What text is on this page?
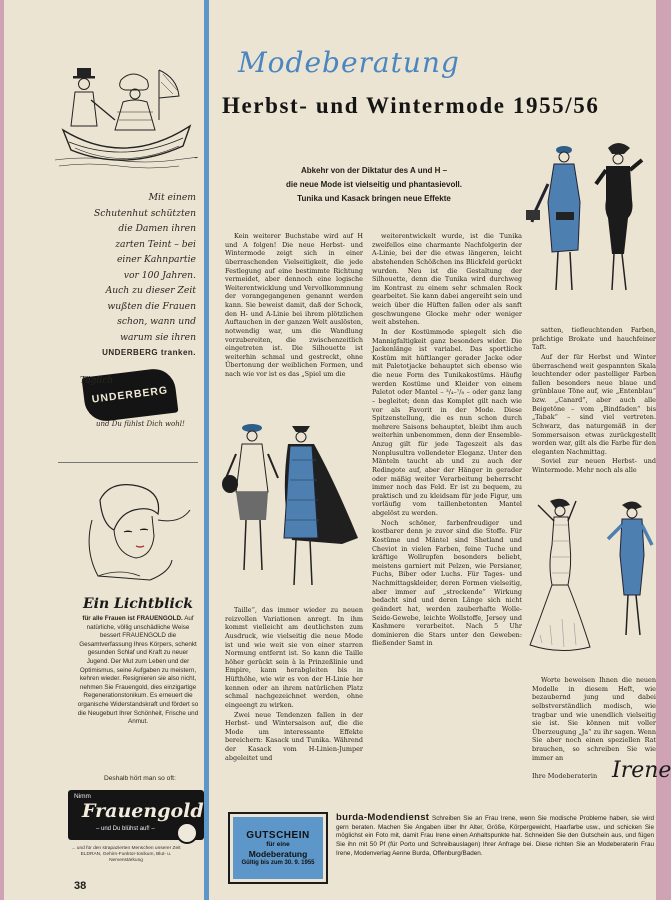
Mit einem
Schutenhut schützten
die Damen ihren
zarten Teint – bei
einer Kahnpartie
vor 100 Jahren.
Auch zu dieser Zeit
wußten die Frauen
schon, wann und
warum sie ihren
UNDERBERG tranken.
UNDERBERG
Täglich
und Du fühlst Dich wohl!
Ein Lichtblick
für alle Frauen ist FRAUENGOLD. Auf natürliche, völlig unschädliche Weise bessert FRAUENGOLD die Gesamtverfassung Ihres Körpers, schenkt gesunden Schlaf und Kraft zu neuer Jugend. Der Mut zum Leben und der Optimismus, seine Aufgaben zu meistern, kehren wieder. Resignieren sie also nicht, nehmen Sie Frauengold, dies einzigartige Regenerationstonikum. Es erneuert die organische Widerstandskraft und fördert so die Neugeburt Ihrer Schönheit, Frische und Anmut.
Deshalb hört man so oft:
Nimm
Frauengold
– und Du blühst auf! –
... und für den strapazierten Menschen unserer Zeit ELDRAN, Gehirn-Funktor-tonikum, Blut- u. Nervenstärkung
38
Modeberatung
Herbst- und Wintermode 1955/56
Abkehr von der Diktatur des A und H –
die neue Mode ist vielseitig und phantasievoll.
Tunika und Kasack bringen neue Effekte

Kein weiterer Buchstabe wird auf H und A folgen! Die neue Herbst- und Wintermode zeigt sich in einer überraschenden Vielseitigkeit, die jede Festlegung auf eine bestimmte Richtung vermeidet, aber dennoch eine logische Weiterentwicklung und Vervollkommnung der vorangegangenen genannt werden kann. Sie beweist damit, daß der Schock, den H- und A-Linie bei ihrem plötzlichen Auftauchen in der ganzen Welt auslösten, notwendig war, um die Wandlung vorzubereiten, die zwischenzeitlich eingetreten ist. Die Silhouette ist weiterhin schmal und gestreckt, ohne Übertonung der weiblichen Formen, und nach wie vor ist es das „Spiel um die

Taille“, das immer wieder zu neuen reizvollen Variationen anregt. In ihm kommt vielleicht am deutlichsten zum Ausdruck, wie vielseitig die neue Mode ist und wie weit sie von einer starren Normung entfernt ist. So kann die Taille höher gerückt sein à la Prinzeßlinie und Empire, kann herabgleiten bis in Hüfthöhe, wie wir es von der H-Linie her kennen oder an ihrem natürlichen Platz schmal nachgezeichnet werden, ohne eingeengt zu wirken.

Zwei neue Tendenzen fallen in der Herbst- und Wintersaison auf, die die Mode um interessante Effekte bereichern: Kasack und Tunika. Während der Kasack vom H-Linien-Jumper abgeleitet und

weiterentwickelt wurde, ist die Tunika zweifellos eine charmante Nachfolgerin der A-Linie, bei der die etwas längeren, leicht abstehenden Schößchen ins Blickfeld gerückt wurden. Neu ist die Gestaltung der Silhouette, denn die Tunika wird durchweg im Kontrast zu einem sehr schmalen Rock gearbeitet. Sie kann dabei angereiht sein und weich über die Hüften fallen oder als sanft geschwungene Glocke mehr oder weniger weit abstehen.

In der Kostümmode spiegelt sich die Mannigfaltigkeit ganz besonders wider. Die Jackenlänge ist variabel. Das sportliche Kostüm mit hüftlanger gerader Jacke oder mit Paletotjacke behauptet sich ebenso wie die neue Form des Tunikakostüms. Häufig werden Kostüme und Kleider von einem Paletot oder Mantel – ³/₄–⁷/₈ – oder ganz lang – begleitet; denn das Komplet gilt nach wie vor als Favorit in der Mode. Diese Spitzenstellung, die es nun schon durch mehrere Saisons behauptet, bleibt ihm auch weiterhin unbenommen, denn der Ensemble-Anzug gilt für jede Tageszeit als das Nonplusultra vollendeter Eleganz. Unter den Mänteln taucht ab und zu auch der Redingote auf, aber der Hänger in gerader oder mäßig weiter Verarbeitung beherrscht immer noch das Feld. Er ist zu bequem, zu praktisch und zu kleidsam für jede Figur, um vorläufig vom taillenbetonten Mantel abgelöst zu werden.

Noch schöner, farbenfreudiger und kostbarer denn je zuvor sind die Stoffe. Für Kostüme und Mäntel sind Shetland und Cheviot in vielen Farben, feine Tuche und kräftige Wollrupfen besonders beliebt, meistens garniert mit Pelzen, wie Persianer, Fuchs, Biber oder Luchs. Für Tages- und Nachmittagskleider, deren Formen vielseitig, aber immer auf „streckende“ Wirkung bedacht sind und deren Länge sich nicht geändert hat, werden zauberhafte Wolle-Seide-Gewebe, leichte Wollstoffe, Jersey und Kashmere verarbeitet. Nach 5 Uhr dominieren die Stars unter den Geweben: fließender Samt in

satten, tiefleuchtenden Farben, prächtige Brokate und hauchfeiner Taft.

Auf der für Herbst und Winter überraschend weit gespannten Skala leuchtender oder pastelliger Farben fallen besonders neue blaue und grünblaue Töne auf, wie „Entenblau“ bzw. „Canard“, aber auch alle Beigetöne – vom „Bindfaden“ bis „Tabak“ – sind viel vertreten. Schwarz, das naturgemäß in der Sommersaison etwas zurückgestellt worden war, gilt als die Farbe für den eleganten Nachmittag.

Soviel zur neuen Herbst- und Wintermode. Mehr noch als alle

Worte beweisen Ihnen die neuen Modelle in diesem Heft, wie bezaubernd jung und dabei selbstverständlich modisch, wie tragbar und wie unendlich vielseitig sie ist. Sie können mit voller Überzeugung „Ja“ zu ihr sagen. Wenn Sie aber noch einen speziellen Rat brauchen, so schreiben Sie wie immer an

Ihre Modeberaterin Irene
GUTSCHEIN
für eine
Modeberatung
Gültig bis zum 30. 9. 1955
burda-Modendienst Schreiben Sie an Frau Irene, wenn Sie modische Probleme haben, sie wird gern beraten. Machen Sie Angaben über Ihr Alter, Größe, Körpergewicht, Haarfarbe usw., und schicken Sie möglichst ein Foto mit, damit Frau Irene einen Anhaltspunkte hat. Schneiden Sie den Gutschein aus, und fügen Sie ihn mit 50 Pf (für Porto und Schreibauslagen) Ihrer Anfrage bei. Diese richten Sie an Modeberaterin Frau Irene, Modenverlag Aenne Burda, Offenburg/Baden.
